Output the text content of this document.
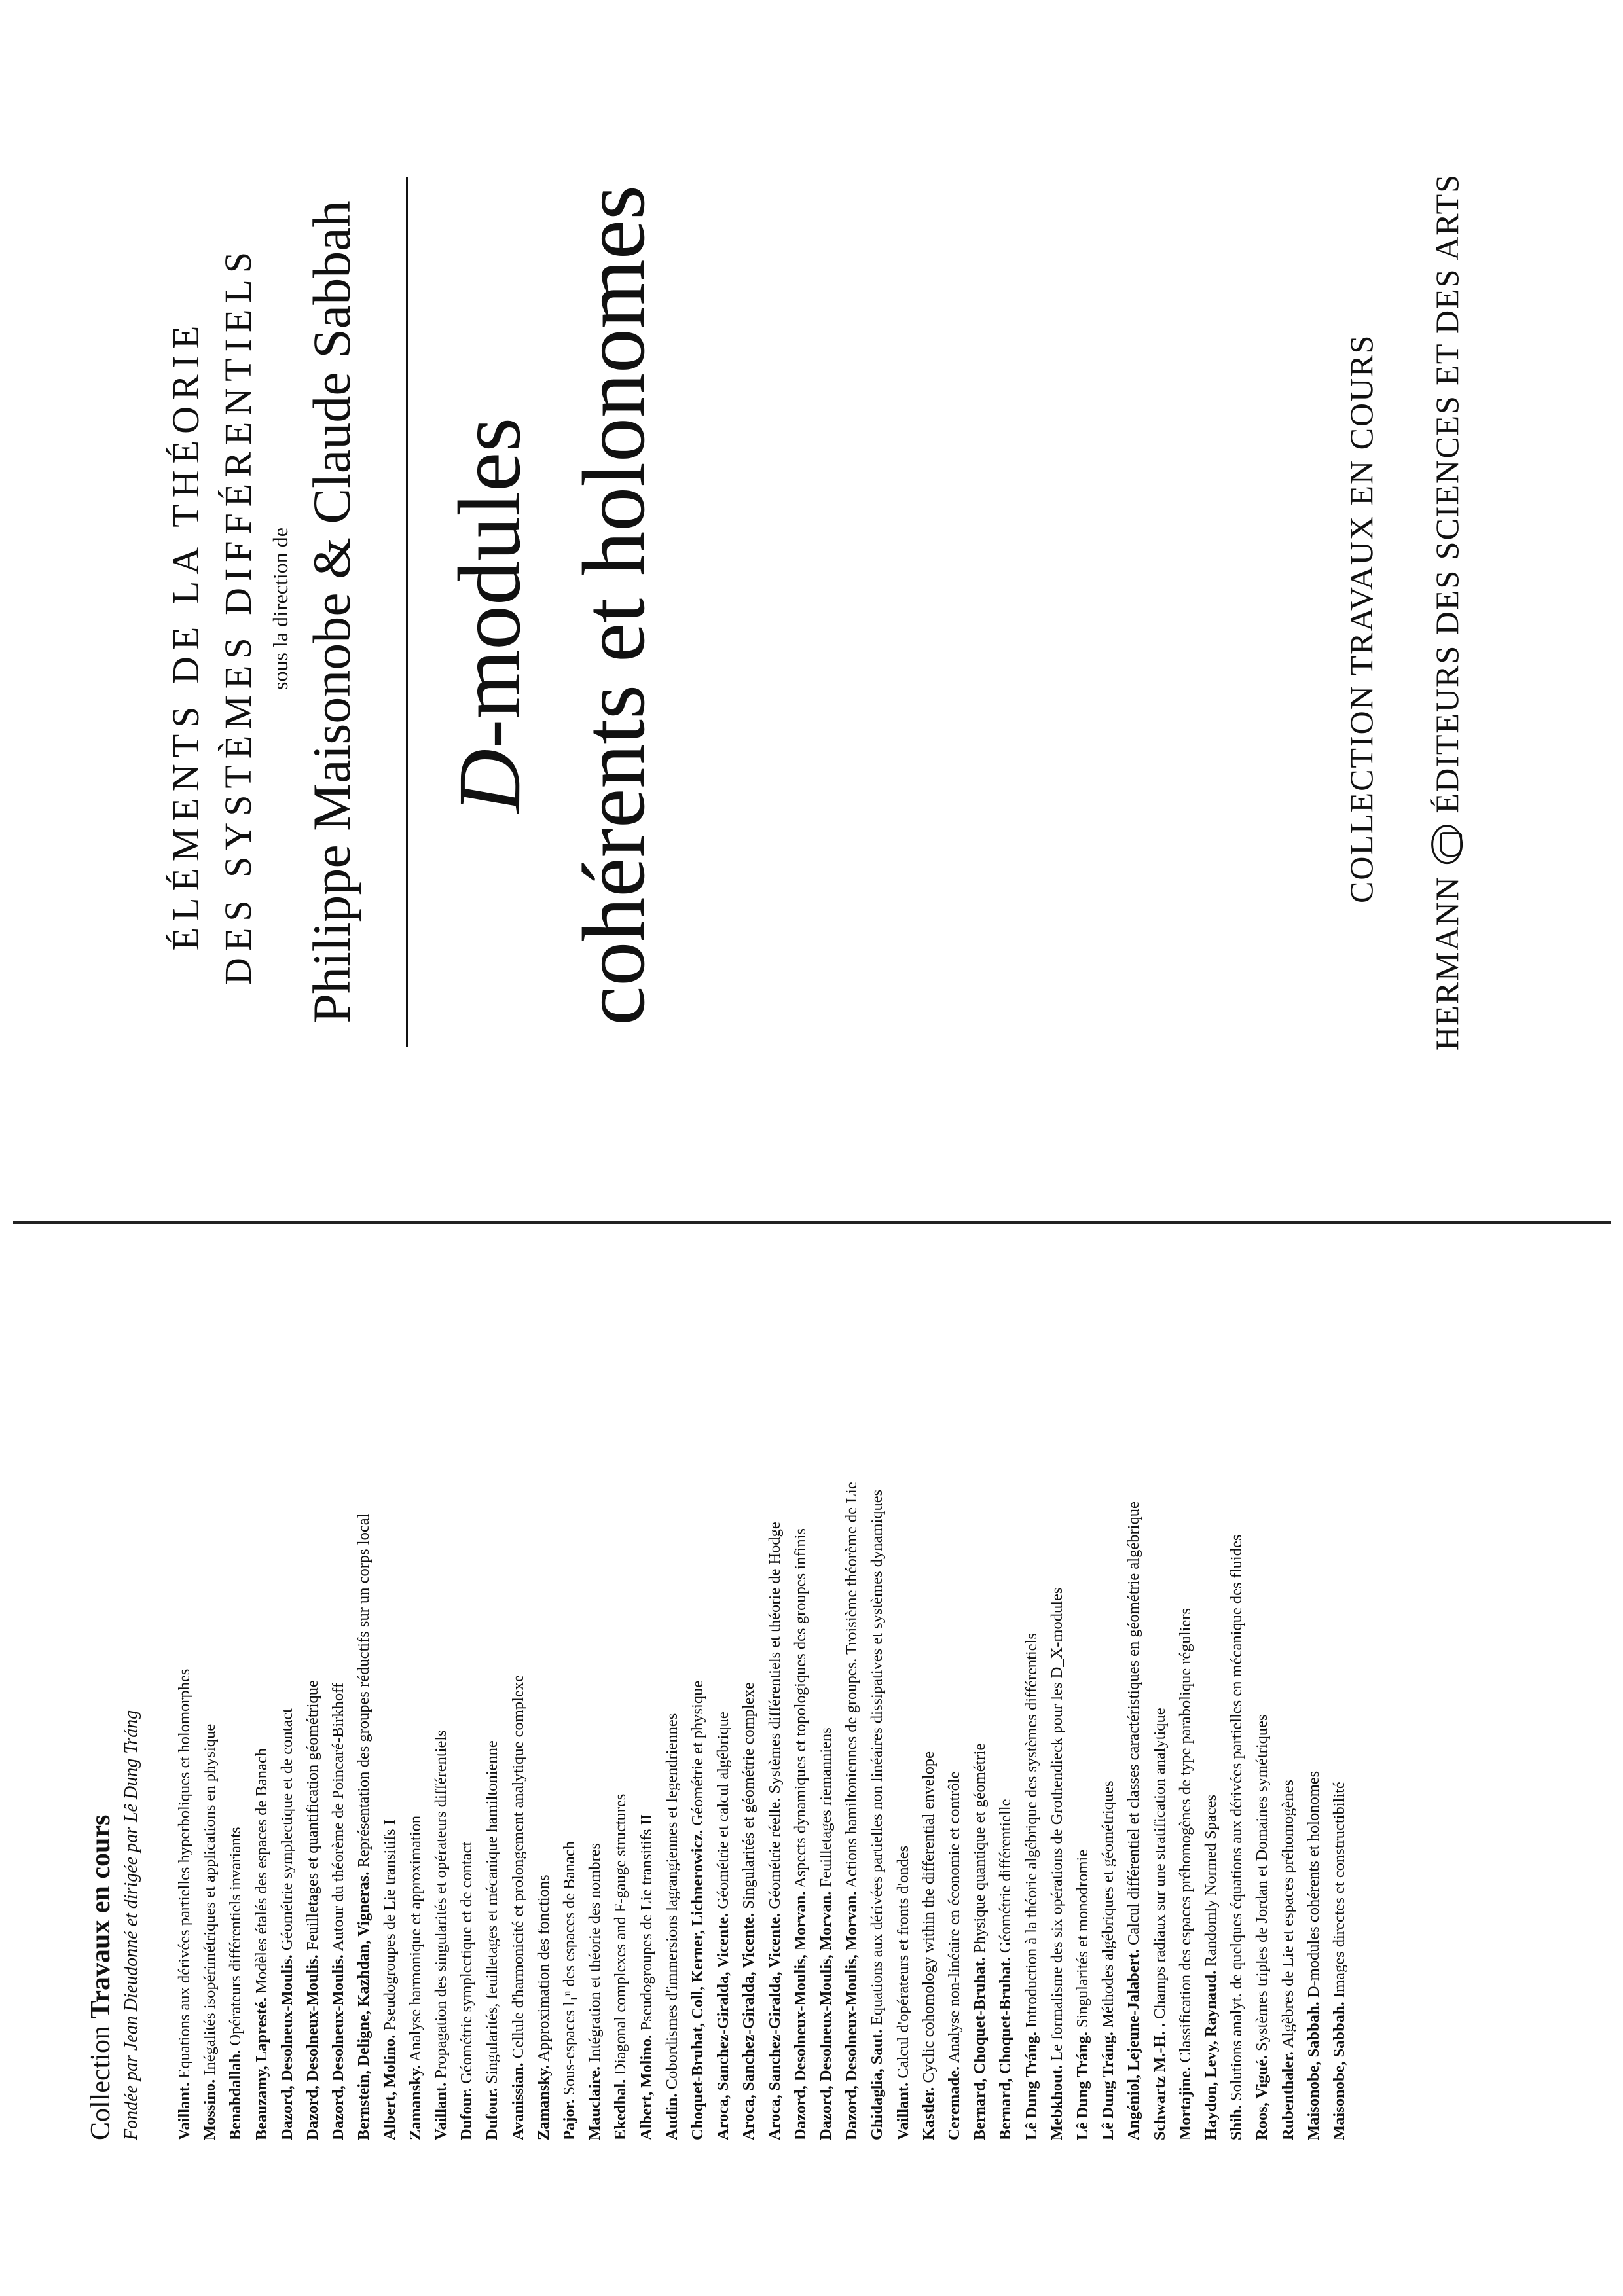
ÉLÉMENTS DE LA THÉORIE DES SYSTÈMES DIFFÉRENTIELS sous la direction de Philippe Maisonobe & Claude Sabbah D-modules cohérents et holonomes	COLLECTION TRAVAUX EN COURS
HERMANN
ÉDITEURS DES SCIENCES ET DES ARTS
Collection Travaux en cours Fondée par Jean Dieudonné et dirigée par Lê Dung Tráng Vaillant. Equations aux dérivées partielles hyperboliques et holomorphes
Mossino. Inégalités isopérimétriques et applications en physique
Benabdallah. Opérateurs différentiels invariants
Beauzamy, Lapresté. Modèles étalés des espaces de Banach
Dazord, Desolneux-Moulis. Géométrie symplectique et de contact
Dazord, Desolneux-Moulis. Feuilletages et quantification géométrique
Dazord, Desolneux-Moulis. Autour du théorème de Poincaré-Birkhoff
Bernstein, Deligne, Kazhdan, Vigneras. Représentation des groupes réductifs sur un corps local
Albert, Molino. Pseudogroupes de Lie transitifs I
Zamansky. Analyse harmonique et approximation
Vaillant. Propagation des singularités et opérateurs différentiels
Dufour. Géométrie symplectique et de contact
Dufour. Singularités, feuilletages et mécanique hamiltonienne
Avanissian. Cellule d'harmonicité et prolongement analytique complexe
Zamansky. Approximation des fonctions
Pajor. Sous-espaces l₁ⁿ des espaces de Banach
Mauclaire. Intégration et théorie des nombres
Ekedhal. Diagonal complexes and F-gauge structures
Albert, Molino. Pseudogroupes de Lie transitifs II
Audin. Cobordismes d'immersions lagrangiennes et legendriennes Choquet-Bruhat, Coll, Kerner, Lichnerowicz. Géométrie et physique
Aroca, Sanchez-Giralda, Vicente. Géométrie et calcul algébrique
Aroca, Sanchez-Giralda, Vicente. Singularités et géométrie complexe
Aroca, Sanchez-Giralda, Vicente. Géométrie réelle. Systèmes différentiels et théorie de Hodge
Dazord, Desolneux-Moulis, Morvan. Aspects dynamiques et topologiques des groupes infinis
Dazord, Desolneux-Moulis, Morvan. Feuilletages riemanniens
Dazord, Desolneux-Moulis, Morvan. Actions hamiltoniennes de groupes. Troisième théorème de Lie
Ghidaglia, Saut. Equations aux dérivées partielles non linéaires dissipatives et systèmes dynamiques
Vaillant. Calcul d'opérateurs et fronts d'ondes
Kastler. Cyclic cohomology within the differential envelope
Ceremade. Analyse non-linéaire en économie et contrôle Bernard, Choquet-Bruhat. Physique quantique et géométrie
Bernard, Choquet-Bruhat. Géométrie différentielle
Lê Dung Tráng. Introduction à la théorie algébrique des systèmes différentiels
Mebkhout. Le formalisme des six opérations de Grothendieck pour les D_X-modules
Lê Dung Tráng. Singularités et monodromie
Lê Dung Tráng. Méthodes algébriques et géométriques
Angéniol, Lejeune-Jalabert. Calcul différentiel et classes caractéristiques en géométrie algébrique
Schwartz M.-H. . Champs radiaux sur une stratification analytique
Mortajine. Classification des espaces préhomogènes de type parabolique réguliers Haydon, Levy, Raynaud. Randomly Normed Spaces
Shih. Solutions analyt. de quelques équations aux dérivées partielles en mécanique des fluides Roos, Vigué. Systèmes triples de Jordan et Domaines symétriques
Rubenthaler. Algèbres de Lie et espaces préhomogènes
Maisonobe, Sabbah. D-modules cohérents et holonomes
Maisonobe, Sabbah. Images directes et constructibilité
